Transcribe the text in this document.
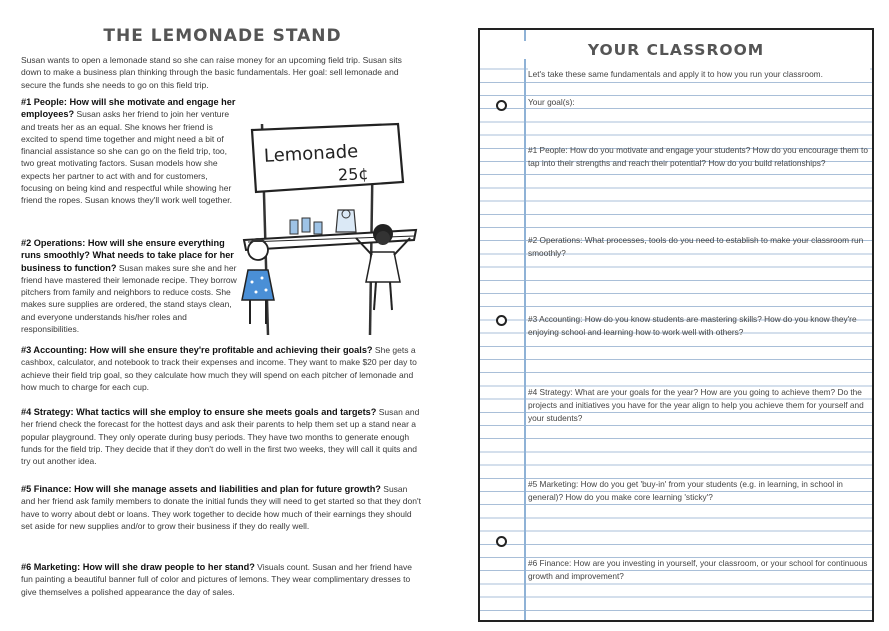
THE LEMONADE STAND
Susan wants to open a lemonade stand so she can raise money for an upcoming field trip. Susan sits down to make a business plan thinking through the basic fundamentals. Her goal: sell lemonade and secure the funds she needs to go on this field trip.
#1 People: How will she motivate and engage her employees? Susan asks her friend to join her venture and treats her as an equal. She knows her friend is excited to spend time together and might need a bit of financial assistance so she can go on the field trip, too, two great motivating factors. Susan models how she expects her partner to act with and for customers, focusing on being kind and respectful while showing her friend the ropes. Susan knows they'll work well together.
#2 Operations: How will she ensure everything runs smoothly? What needs to take place for her business to function? Susan makes sure she and her friend have mastered their lemonade recipe. They borrow pitchers from family and neighbors to reduce costs. She makes sure supplies are ordered, the stand stays clean, and everyone understands his/her roles and responsibilities.
#3 Accounting: How will she ensure they're profitable and achieving their goals? She gets a cashbox, calculator, and notebook to track their expenses and income. They want to make $20 per day to achieve their field trip goal, so they calculate how much they will spend on each pitcher of lemonade and how much to charge for each cup.
#4 Strategy: What tactics will she employ to ensure she meets goals and targets? Susan and her friend check the forecast for the hottest days and ask their parents to help them set up a stand near a popular playground. They only operate during busy periods. They have two months to generate enough funds for the field trip. They decide that if they don't do well in the first two weeks, they will call it quits and try out another idea.
#5 Finance: How will she manage assets and liabilities and plan for future growth? Susan and her friend ask family members to donate the initial funds they will need to get started so that they don't have to worry about debt or loans. They work together to decide how much of their earnings they should set aside for new supplies and/or to grow their business if they do really well.
#6 Marketing: How will she draw people to her stand? Visuals count. Susan and her friend have fun painting a beautiful banner full of color and pictures of lemons. They wear complimentary dresses to give themselves a polished appearance the day of sales.
Lemonade
25¢
YOUR CLASSROOM
Let's take these same fundamentals and apply it to how you run your classroom.
Your goal(s):
#1 People: How do you motivate and engage your students? How do you encourage them to tap into their strengths and reach their potential? How do you build relationships?
#2 Operations: What processes, tools do you need to establish to make your classroom run smoothly?
#3 Accounting: How do you know students are mastering skills? How do you know they're enjoying school and learning how to work well with others?
#4 Strategy: What are your goals for the year? How are you going to achieve them? Do the projects and initiatives you have for the year align to help you achieve them for yourself and your students?
#5 Marketing: How do you get 'buy-in' from your students (e.g. in learning, in school in general)? How do you make core learning 'sticky'?
#6 Finance: How are you investing in yourself, your classroom, or your school for continuous growth and improvement?
